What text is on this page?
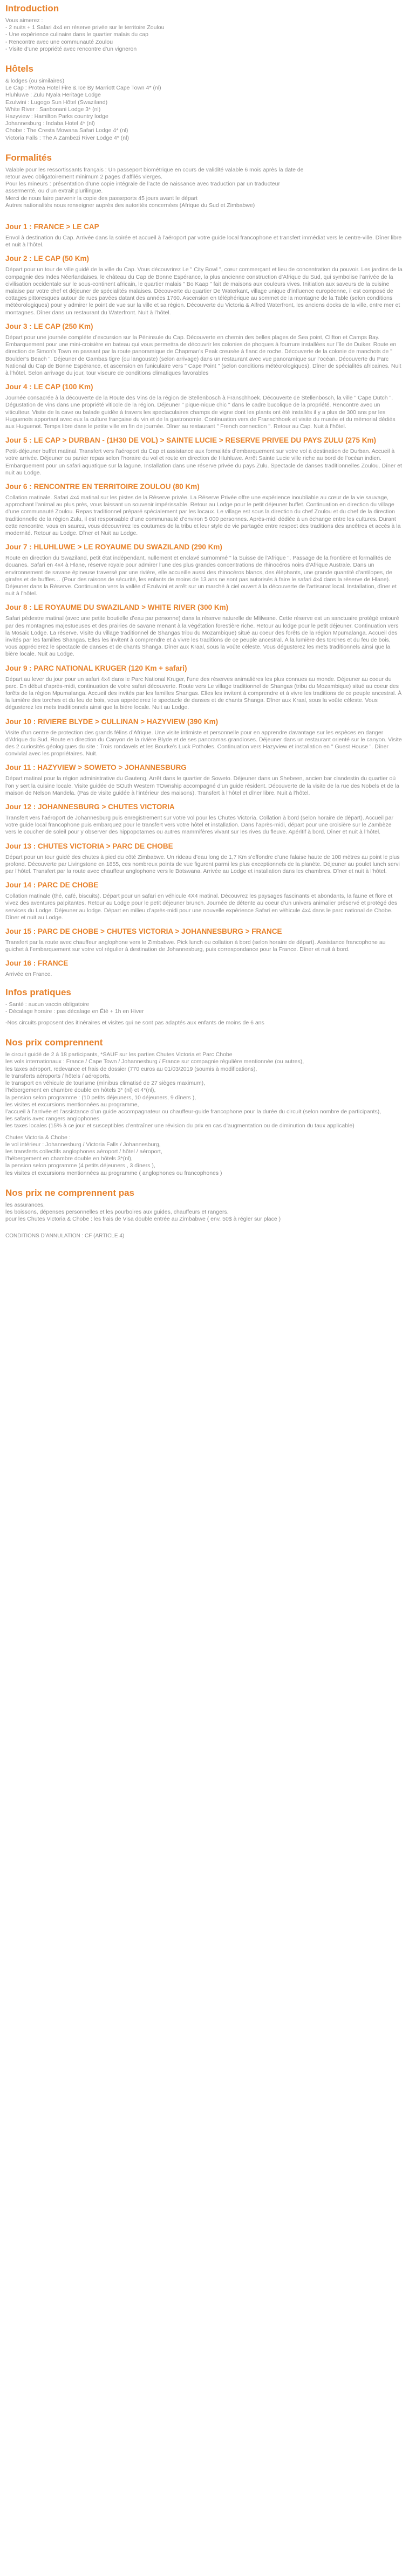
Introduction

Vous aimerez :

- 2 nuits + 1 Safari 4x4 en réserve privée sur le territoire Zoulou

- Une expérience culinaire dans le quartier malais du cap

- Rencontre avec une communauté Zoulou

- Visite d’une propriété avec rencontre d’un vigneron

Hôtels

& lodges (ou similaires)

Le Cap : Protea Hotel Fire & Ice By Marriott Cape Town 4* (nl)

Hluhluwe : Zulu Nyala Heritage Lodge

Ezulwini : Lugogo Sun Hôtel (Swaziland)

White River : Sanbonani Lodge 3* (nl)

Hazyview : Hamilton Parks country lodge

Johannesburg : Indaba Hotel 4* (nl)

Chobe : The Cresta Mowana Safari Lodge 4* (nl)

Victoria Falls : The A Zambezi River Lodge 4* (nl)

Formalités

Valable pour les ressortissants français : Un passeport biométrique en cours de validité valable 6 mois après la date de

retour avec obligatoirement minimum 2 pages d’affilés vierges.

Pour les mineurs : présentation d’une copie intégrale de l’acte de naissance avec traduction par un traducteur

assermenté, ou d’un extrait plurilingue.

Merci de nous faire parvenir la copie des passeports 45 jours avant le départ

Autres nationalités nous renseigner auprès des autorités concernées (Afrique du Sud et Zimbabwe)

Jour 1 : FRANCE > LE CAP

Envol à destination du Cap. Arrivée dans la soirée et accueil à l’aéroport par votre guide local francophone et transfert immédiat vers le centre-ville. Dîner libre et nuit à l’hôtel.

Jour 2 : LE CAP (50 Km)

Départ pour un tour de ville guidé de la ville du Cap. Vous découvrirez Le " City Bowl ", cœur commerçant et lieu de concentration du pouvoir. Les jardins de la compagnie des Indes Néerlandaises, le château du Cap de Bonne Espérance, la plus ancienne construction d’Afrique du Sud, qui symbolise l’arrivée de la civilisation occidentale sur le sous-continent africain, le quartier malais " Bo Kaap " fait de maisons aux couleurs vives. Initiation aux saveurs de la cuisine malaise par votre chef et déjeuner de spécialités malaises. Découverte du quartier De Waterkant, village unique d’influence européenne, il est composé de cottages pittoresques autour de rues pavées datant des années 1760. Ascension en téléphérique au sommet de la montagne de la Table (selon conditions météorologiques) pour y admirer le point de vue sur la ville et sa région. Découverte du Victoria & Alfred Waterfront, les anciens docks de la ville, entre mer et montagnes. Dîner dans un restaurant du Waterfront. Nuit à l’hôtel.

Jour 3 : LE CAP (250 Km)

Départ pour une journée complète d’excursion sur la Péninsule du Cap. Découverte en chemin des belles plages de Sea point, Clifton et Camps Bay. Embarquement pour une mini-croisière en bateau qui vous permettra de découvrir les colonies de phoques à fourrure installées sur l’île de Duiker. Route en direction de Simon’s Town en passant par la route panoramique de Chapman’s Peak creusée à flanc de roche. Découverte de la colonie de manchots de " Boulder’s Beach ". Déjeuner de Gambas tigre (ou langouste) (selon arrivage) dans un restaurant avec vue panoramique sur l’océan. Découverte du Parc National du Cap de Bonne Espérance, et ascension en funiculaire vers " Cape Point " (selon conditions météorologiques). Dîner de spécialités africaines. Nuit à l’hôtel. Selon arrivage du jour, tour viseure de conditions climatiques favorables

Jour 4 : LE CAP (100 Km)

Journée consacrée à la découverte de la Route des Vins de la région de Stellenbosch à Franschhoek. Découverte de Stellenbosch, la ville " Cape Dutch ". Dégustation de vins dans une propriété viticole de la région. Déjeuner " pique-nique chic " dans le cadre bucolique de la propriété. Rencontre avec un viticulteur. Visite de la cave ou balade guidée à travers les spectaculaires champs de vigne dont les plants ont été installés il y a plus de 300 ans par les Huguenots apportant avec eux la culture française du vin et de la gastronomie. Continuation vers de Franschhoek et visite du musée et du mémorial dédiés aux Huguenot. Temps libre dans le petite ville en fin de journée. Dîner au restaurant " French connection ". Retour au Cap. Nuit à l’hôtel.

Jour 5 : LE CAP > DURBAN - (1H30 DE VOL) > SAINTE LUCIE > RESERVE PRIVEE DU PAYS ZULU (275 Km)

Petit-déjeuner buffet matinal. Transfert vers l’aéroport du Cap et assistance aux formalités d’embarquement sur votre vol à destination de Durban. Accueil à votre arrivée. Déjeuner ou panier repas selon l’horaire du vol et route en direction de Hluhluwe. Arrêt Sainte Lucie ville riche au bord de l’océan indien. Embarquement pour un safari aquatique sur la lagune. Installation dans une réserve privée du pays Zulu. Spectacle de danses traditionnelles Zoulou. Dîner et nuit au Lodge.

Jour 6 : RENCONTRE EN TERRITOIRE ZOULOU (80 Km)

Collation matinale. Safari 4x4 matinal sur les pistes de la Réserve privée. La Réserve Privée offre une expérience inoubliable au cœur de la vie sauvage, approchant l’animal au plus près, vous laissant un souvenir impérissable. Retour au Lodge pour le petit déjeuner buffet. Continuation en direction du village d’une communauté Zoulou. Repas traditionnel préparé spécialement par les locaux. Le village est sous la direction du chef Zoulou et du chef de la direction traditionnelle de la région Zulu, il est responsable d’une communauté d’environ 5 000 personnes. Après-midi dédiée à un échange entre les cultures. Durant cette rencontre, vous en saurez, vous découvrirez les coutumes de la tribu et leur style de vie partagée entre respect des traditions des ancêtres et accès à la modernité. Retour au Lodge. Dîner et Nuit au Lodge.

Jour 7 : HLUHLUWE > LE ROYAUME DU SWAZILAND (290 Km)

Route en direction du Swaziland, petit état indépendant, nullement et enclavé surnommé " la Suisse de l’Afrique ". Passage de la frontière et formalités de douanes. Safari en 4x4 à Hlane, réserve royale pour admirer l’une des plus grandes concentrations de rhinocéros noirs d’Afrique Australe. Dans un environnement de savane épineuse traversé par une rivière, elle accueille aussi des rhinocéros blancs, des éléphants, une grande quantité d’antilopes, de girafes et de buffles… (Pour des raisons de sécurité, les enfants de moins de 13 ans ne sont pas autorisés à faire le safari 4x4 dans la réserve de Hlane). Déjeuner dans la Réserve. Continuation vers la vallée d’Ezulwini et arrêt sur un marché à ciel ouvert à la découverte de l’artisanat local. Installation, dîner et nuit à l’hôtel.

Jour 8 : LE ROYAUME DU SWAZILAND > WHITE RIVER (300 Km)

Safari pédestre matinal (avec une petite boutielle d’eau par personne) dans la réserve naturelle de Mlilwane. Cette réserve est un sanctuaire protégé entouré par des montagnes majestueuses et des prairies de savane menant à la végétation forestière riche. Retour au lodge pour le petit déjeuner. Continuation vers la Mosaic Lodge. La réserve. Visite du village traditionnel de Shangas tribu du Mozambique) situé au coeur des forêts de la région Mpumalanga. Accueil des invités par les familles Shangas. Elles les invitent à comprendre et à vivre les traditions de ce peuple ancestral. À la lumière des torches et du feu de bois, vous apprécierez le spectacle de danses et de chants Shanga. Dîner aux Kraal, sous la voûte céleste. Vous dégusterez les mets traditionnels ainsi que la bière locale. Nuit au Lodge.

Jour 9 : PARC NATIONAL KRUGER (120 Km + safari)

Départ au lever du jour pour un safari 4x4 dans le Parc National Kruger, l’une des réserves animalières les plus connues au monde. Déjeuner au coeur du parc. En début d’après-midi, continuation de votre safari découverte. Route vers Le village traditionnel de Shangas (tribu du Mozambique) situé au coeur des forêts de la région Mpumalanga. Accueil des invités par les familles Shangas. Elles les invitent à comprendre et à vivre les traditions de ce peuple ancestral. À la lumière des torches et du feu de bois, vous apprécierez le spectacle de danses et de chants Shanga. Dîner aux Kraal, sous la voûte céleste. Vous dégusterez les mets traditionnels ainsi que la bière locale. Nuit au Lodge.

Jour 10 : RIVIERE BLYDE > CULLINAN > HAZYVIEW (390 Km)

Visite d’un centre de protection des grands félins d’Afrique. Une visite intimiste et personnelle pour en apprendre davantage sur les espèces en danger d’Afrique du Sud. Route en direction du Canyon de la rivière Blyde et de ses panoramas grandioses. Déjeuner dans un restaurant orienté sur le canyon. Visite des 2 curiosités géologiques du site : Trois rondavels et les Bourke’s Luck Potholes. Continuation vers Hazyview et installation en " Guest House ". Dîner convivial avec les propriétaires. Nuit.

Jour 11 : HAZYVIEW > SOWETO > JOHANNESBURG

Départ matinal pour la région administrative du Gauteng. Arrêt dans le quartier de Soweto. Déjeuner dans un Shebeen, ancien bar clandestin du quartier où l’on y sert la cuisine locale. Visite guidée de SOuth Western TOwnship accompagné d’un guide résident. Découverte de la visite de la rue des Nobels et de la maison de Nelson Mandela. (Pas de visite guidée à l’intérieur des maisons). Transfert à l’hôtel et dîner libre. Nuit à l’hôtel.

Jour 12 : JOHANNESBURG > CHUTES VICTORIA

Transfert vers l’aéroport de Johannesburg puis enregistrement sur votre vol pour les Chutes Victoria. Collation à bord (selon horaire de départ). Accueil par votre guide local francophone puis embarquez pour le transfert vers votre hôtel et installation. Dans l’après-midi, départ pour une croisière sur le Zambèze vers le coucher de soleil pour y observer des hippopotames ou autres mammifères vivant sur les rives du fleuve. Apéritif à bord. Dîner et nuit à l’hôtel.

Jour 13 : CHUTES VICTORIA > PARC DE CHOBE

Départ pour un tour guidé des chutes à pied du côté Zimbabwe. Un rideau d’eau long de 1,7 Km s’effondre d’une falaise haute de 108 mètres au point le plus profond. Découverte par Livingstone en 1855, ces nombreux points de vue figurent parmi les plus exceptionnels de la planète. Déjeuner au poulet lunch servi par l’hôtel. Transfert par la route avec chauffeur anglophone vers le Botswana. Arrivée au Lodge et installation dans les chambres. Dîner et nuit à l’hôtel.

Jour 14 : PARC DE CHOBE

Collation matinale (thé, café, biscuits). Départ pour un safari en véhicule 4X4 matinal. Découvrez les paysages fascinants et abondants, la faune et flore et vivez des aventures palpitantes. Retour au Lodge pour le petit déjeuner brunch. Journée de détente au coeur d’un univers animalier préservé et protégé des services du Lodge. Déjeuner au lodge. Départ en milieu d’après-midi pour une nouvelle expérience Safari en véhicule 4x4 dans le parc national de Chobe. Dîner et nuit au Lodge.

Jour 15 : PARC DE CHOBE > CHUTES VICTORIA > JOHANNESBURG > FRANCE

Transfert par la route avec chauffeur anglophone vers le Zimbabwe. Pick lunch ou collation à bord (selon horaire de départ). Assistance francophone au guichet à l’embarquement sur votre vol régulier à destination de Johannesburg, puis correspondance pour la France. Dîner et nuit à bord.

Jour 16 : FRANCE

Arrivée en France.

Infos pratiques

- Santé : aucun vaccin obligatoire

- Décalage horaire : pas décalage en Été + 1h en Hiver

-Nos circuits proposent des itinéraires et visites qui ne sont pas adaptés aux enfants de moins de 6 ans

Nos prix comprennent

le circuit guidé de 2 à 18 participants, *SAUF sur les parties Chutes Victoria et Parc Chobe

les vols internationaux : France / Cape Town / Johannesburg / France sur compagnie régulière mentionnée (ou autres),

les taxes aéroport, redevance et frais de dossier (770 euros au 01/03/2019 (soumis à modifications),

le transferts aéroports / hôtels / aéroports,

le transport en véhicule de tourisme (minibus climatisé de 27 sièges maximum),

l’hébergement en chambre double en hôtels 3* (nl) et 4*(nl),

la pension selon programme : (10 petits déjeuners, 10 déjeuners, 9 dîners ),

les visites et excursions mentionnées au programme,

l’accueil à l’arrivée et l’assistance d’un guide accompagnateur ou chauffeur-guide francophone pour la durée du circuit (selon nombre de participants),

les safaris avec rangers anglophones

les taxes locales (15% à ce jour et susceptibles d’entraîner une révision du prix en cas d’augmentation ou de diminution du taux applicable)

Chutes Victoria & Chobe :

le vol intérieur : Johannesburg / Victoria Falls / Johannesburg,

les transferts collectifs anglophones aéroport / hôtel / aéroport,

l’hébergement en chambre double en hôtels 3*(nl),

la pension selon programme (4 petits déjeuners , 3 dîners ),

les visites et excursions mentionnées au programme ( anglophones ou francophones )

Nos prix ne comprennent pas

les assurances,

les boissons, dépenses personnelles et les pourboires aux guides, chauffeurs et rangers.

pour les Chutes Victoria & Chobe : les frais de Visa double entrée au Zimbabwe ( env. 50$ à régler sur place )

CONDITIONS D’ANNULATION : CF (ARTICLE 4)
